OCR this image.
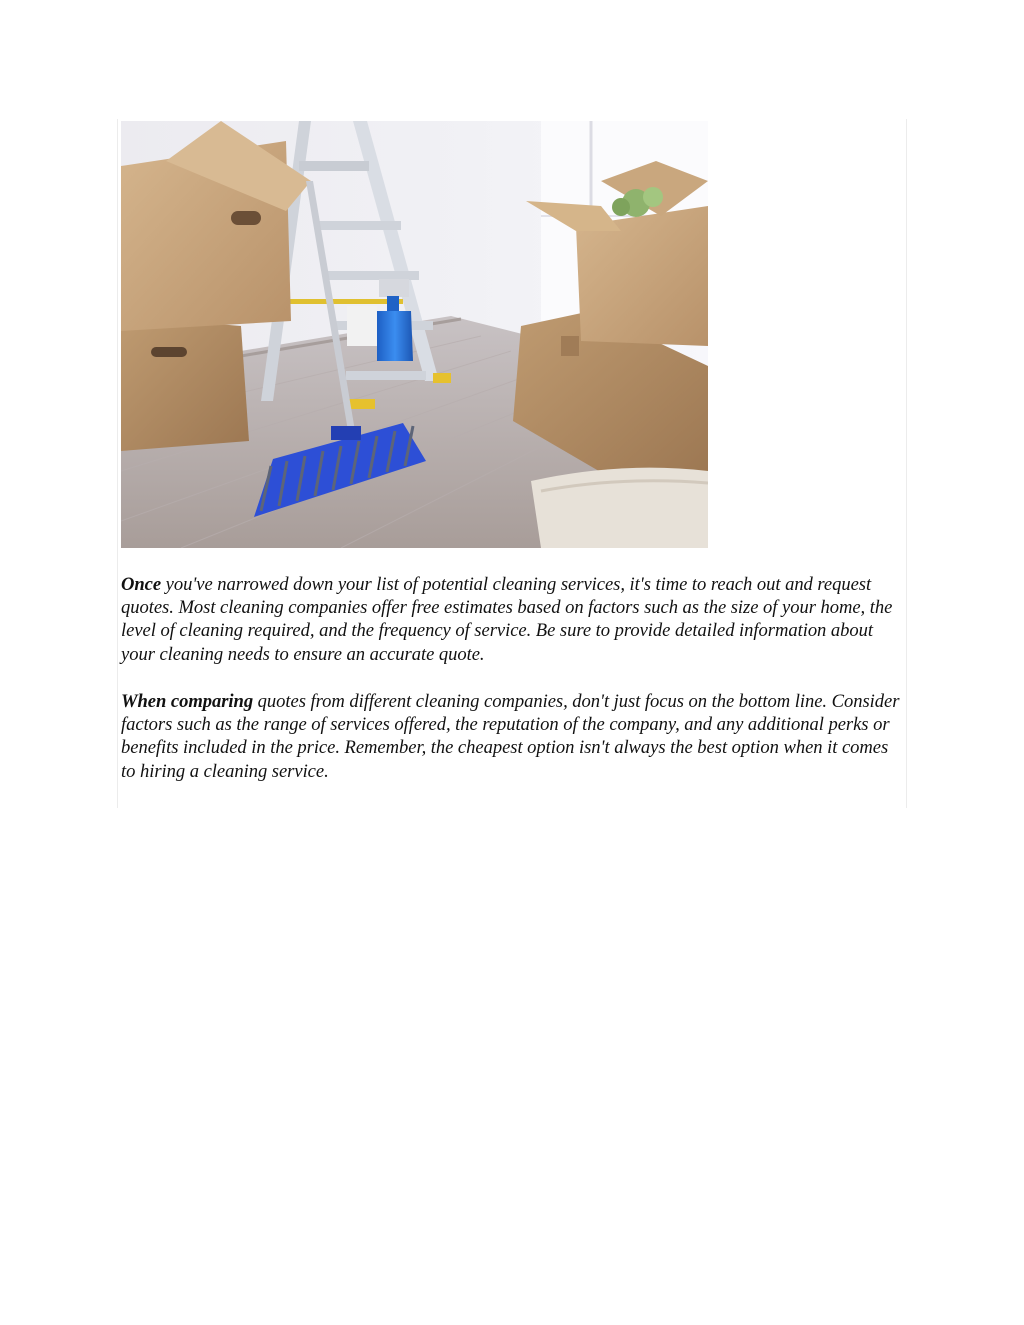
Once you've narrowed down your list of potential cleaning services, it's time to reach out and request quotes. Most cleaning companies offer free estimates based on factors such as the size of your home, the level of cleaning required, and the frequency of service. Be sure to provide detailed information about your cleaning needs to ensure an accurate quote.

When comparing quotes from different cleaning companies, don't just focus on the bottom line. Consider factors such as the range of services offered, the reputation of the company, and any additional perks or benefits included in the price. Remember, the cheapest option isn't always the best option when it comes to hiring a cleaning service.
